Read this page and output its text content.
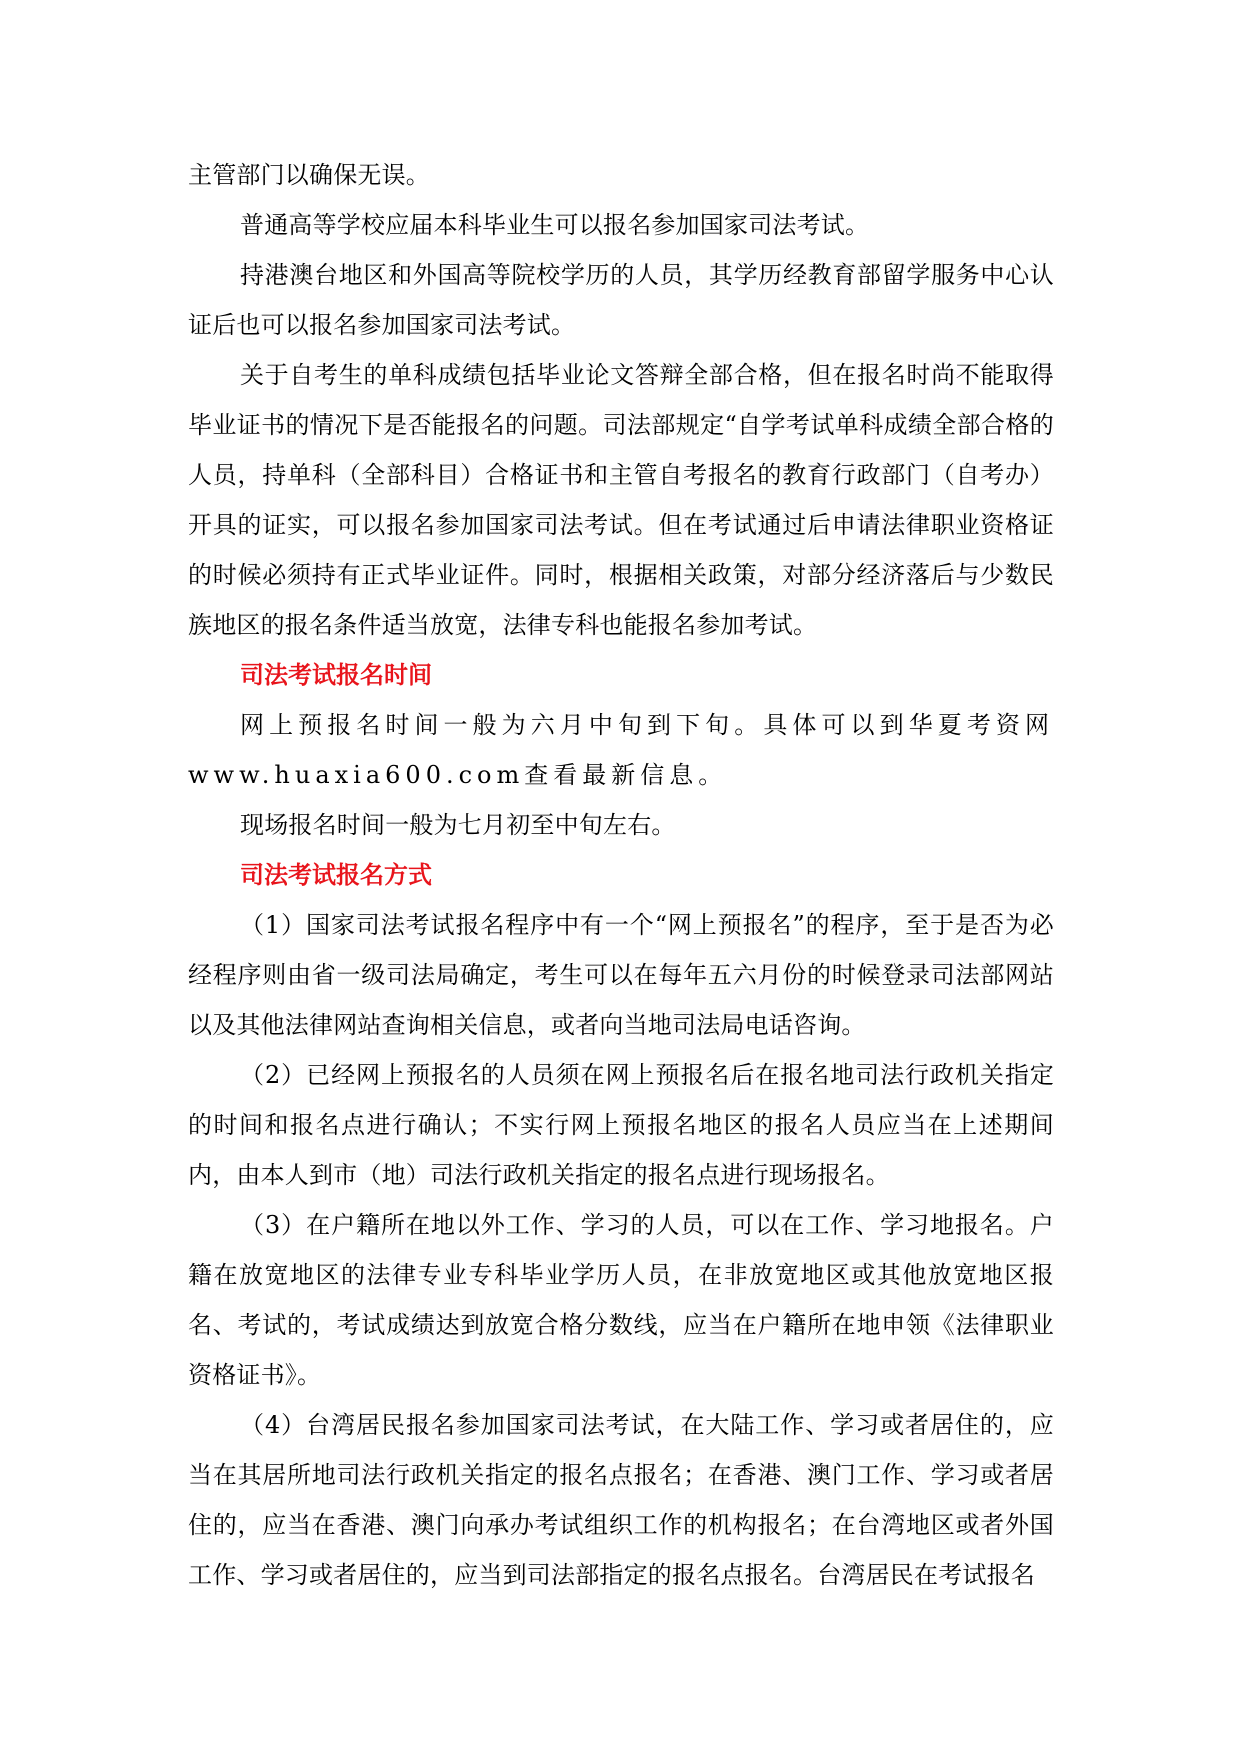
主管部门以确保无误。

普通高等学校应届本科毕业生可以报名参加国家司法考试。

持港澳台地区和外国高等院校学历的人员，其学历经教育部留学服务中心认证后也可以报名参加国家司法考试。

关于自考生的单科成绩包括毕业论文答辩全部合格，但在报名时尚不能取得毕业证书的情况下是否能报名的问题。司法部规定“自学考试单科成绩全部合格的人员，持单科（全部科目）合格证书和主管自考报名的教育行政部门（自考办）开具的证实，可以报名参加国家司法考试。但在考试通过后申请法律职业资格证的时候必须持有正式毕业证件。同时，根据相关政策，对部分经济落后与少数民族地区的报名条件适当放宽，法律专科也能报名参加考试。

司法考试报名时间

网上预报名时间一般为六月中旬到下旬。具体可以到华夏考资网www.huaxia600.com查看最新信息。

现场报名时间一般为七月初至中旬左右。

司法考试报名方式

（1）国家司法考试报名程序中有一个“网上预报名”的程序，至于是否为必经程序则由省一级司法局确定，考生可以在每年五六月份的时候登录司法部网站以及其他法律网站查询相关信息，或者向当地司法局电话咨询。

（2）已经网上预报名的人员须在网上预报名后在报名地司法行政机关指定的时间和报名点进行确认；不实行网上预报名地区的报名人员应当在上述期间内，由本人到市（地）司法行政机关指定的报名点进行现场报名。

（3）在户籍所在地以外工作、学习的人员，可以在工作、学习地报名。户籍在放宽地区的法律专业专科毕业学历人员，在非放宽地区或其他放宽地区报名、考试的，考试成绩达到放宽合格分数线，应当在户籍所在地申领《法律职业资格证书》。

（4）台湾居民报名参加国家司法考试，在大陆工作、学习或者居住的，应当在其居所地司法行政机关指定的报名点报名；在香港、澳门工作、学习或者居住的，应当在香港、澳门向承办考试组织工作的机构报名；在台湾地区或者外国工作、学习或者居住的，应当到司法部指定的报名点报名。台湾居民在考试报名
